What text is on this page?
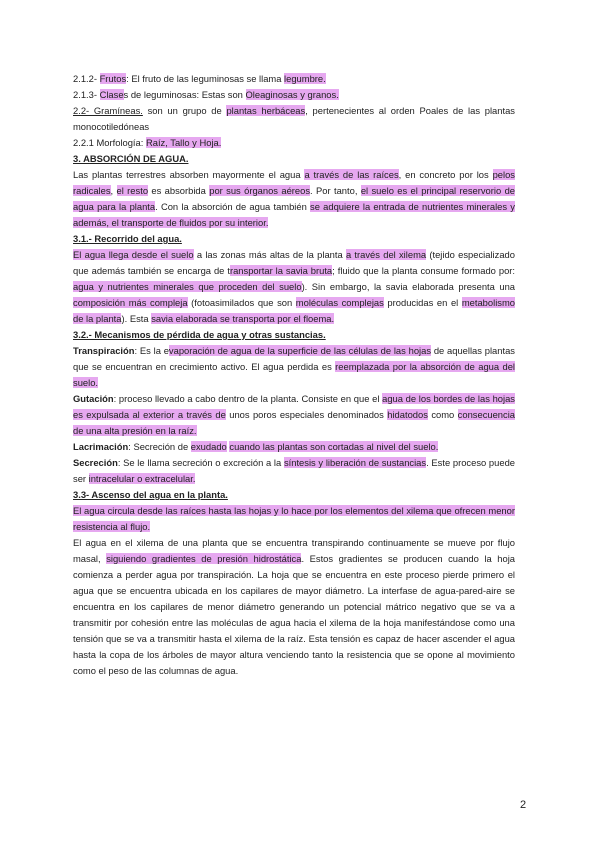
2.1.2- Frutos: El fruto de las leguminosas se llama legumbre.

2.1.3- Clases de leguminosas: Estas son Oleaginosas y granos.

2.2- Gramíneas. son un grupo de plantas herbáceas, pertenecientes al orden Poales de las plantas monocotiledóneas

2.2.1 Morfología: Raíz, Tallo y Hoja.

3. ABSORCIÓN DE AGUA.

Las plantas terrestres absorben mayormente el agua a través de las raíces, en concreto por los pelos radicales, el resto es absorbida por sus órganos aéreos. Por tanto, el suelo es el principal reservorio de agua para la planta. Con la absorción de agua también se adquiere la entrada de nutrientes minerales y además, el transporte de fluidos por su interior.

3.1.- Recorrido del agua.

El agua llega desde el suelo a las zonas más altas de la planta a través del xilema (tejido especializado que además también se encarga de transportar la savia bruta; fluido que la planta consume formado por: agua y nutrientes minerales que proceden del suelo). Sin embargo, la savia elaborada presenta una composición más compleja (fotoasimilados que son moléculas complejas producidas en el metabolismo de la planta). Esta savia elaborada se transporta por el floema.

3.2.- Mecanismos de pérdida de agua y otras sustancias.

Transpiración: Es la evaporación de agua de la superficie de las células de las hojas de aquellas plantas que se encuentran en crecimiento activo. El agua perdida es reemplazada por la absorción de agua del suelo.

Gutación: proceso llevado a cabo dentro de la planta. Consiste en que el agua de los bordes de las hojas es expulsada al exterior a través de unos poros especiales denominados hidatodos como consecuencia de una alta presión en la raíz.

Lacrimación: Secreción de exudado cuando las plantas son cortadas al nivel del suelo.

Secreción: Se le llama secreción o excreción a la síntesis y liberación de sustancias. Este proceso puede ser intracelular o extracelular.

3.3- Ascenso del agua en la planta.

El agua circula desde las raíces hasta las hojas y lo hace por los elementos del xilema que ofrecen menor resistencia al flujo.

El agua en el xilema de una planta que se encuentra transpirando continuamente se mueve por flujo masal, siguiendo gradientes de presión hidrostática. Estos gradientes se producen cuando la hoja comienza a perder agua por transpiración. La hoja que se encuentra en este proceso pierde primero el agua que se encuentra ubicada en los capilares de mayor diámetro. La interfase de agua-pared-aire se encuentra en los capilares de menor diámetro generando un potencial mátrico negativo que se va a transmitir por cohesión entre las moléculas de agua hacia el xilema de la hoja manifestándose como una tensión que se va a transmitir hasta el xilema de la raíz. Esta tensión es capaz de hacer ascender el agua hasta la copa de los árboles de mayor altura venciendo tanto la resistencia que se opone al movimiento como el peso de las columnas de agua.

2
